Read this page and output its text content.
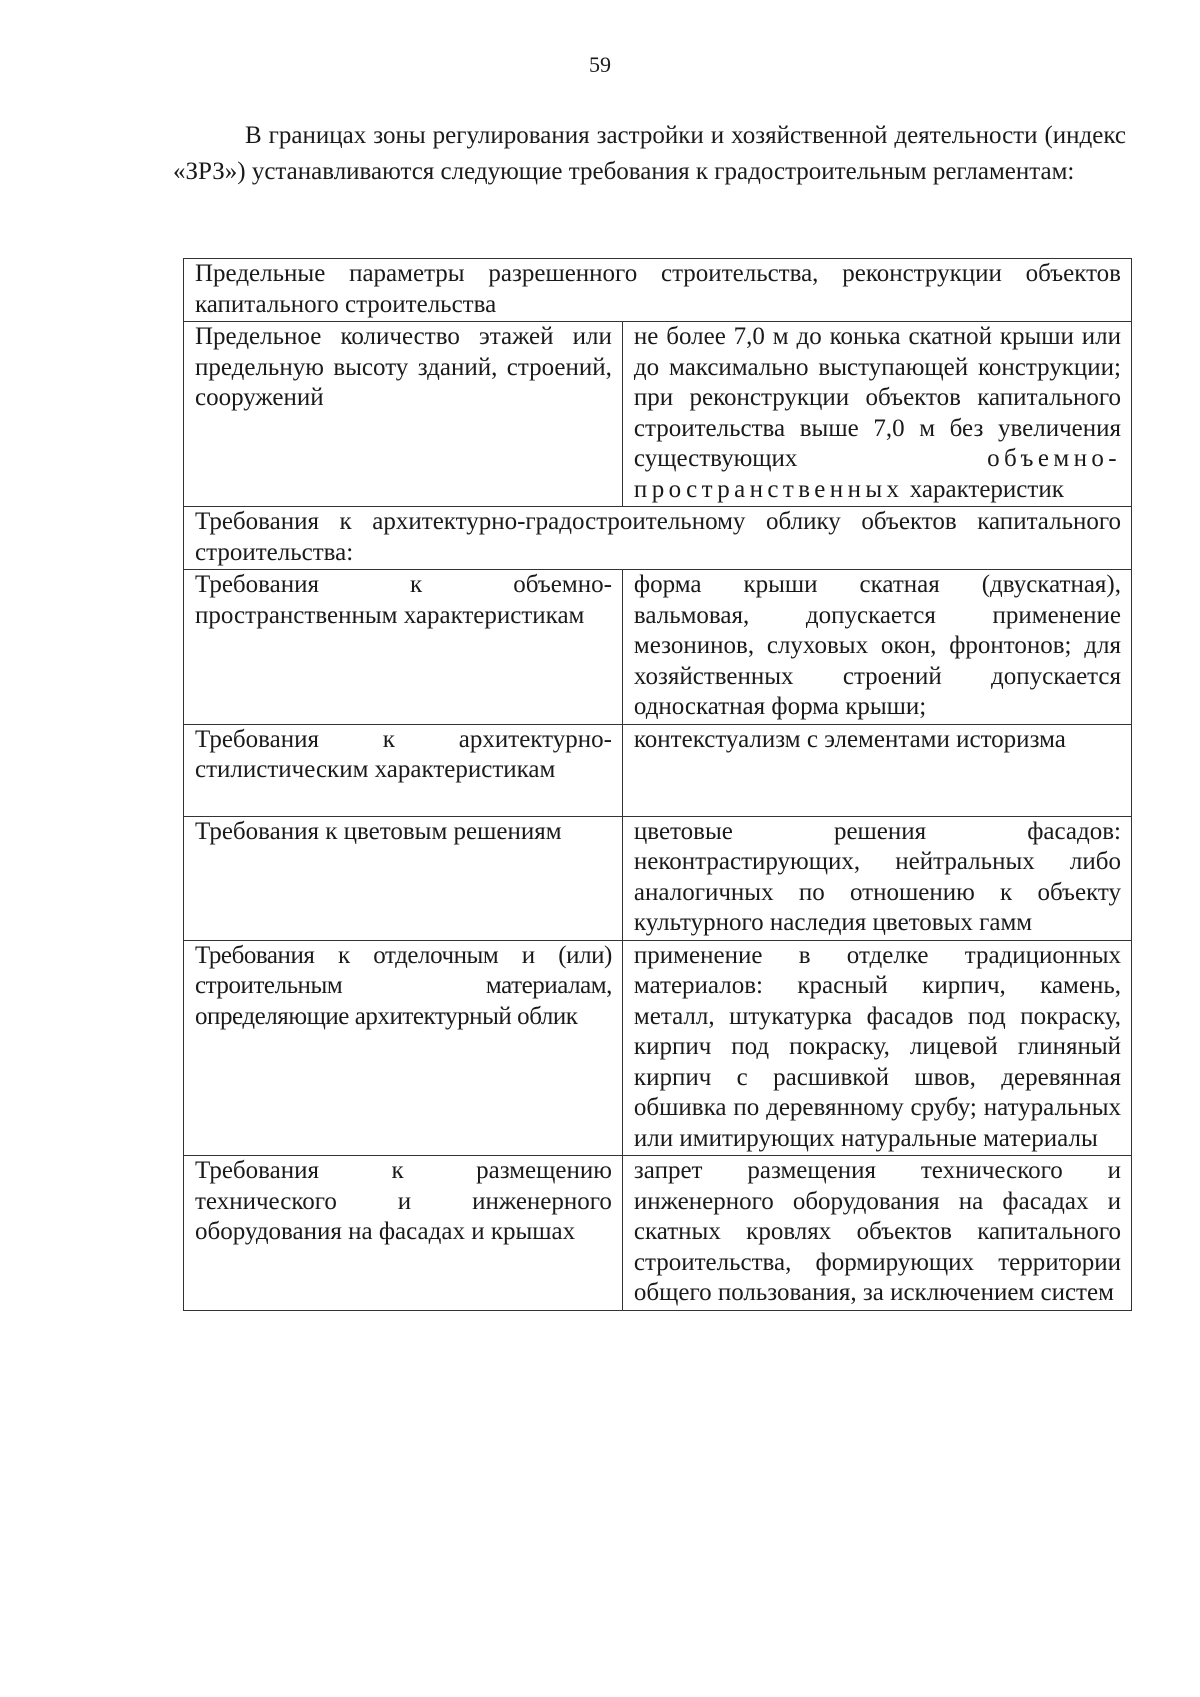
59

В границах зоны регулирования застройки и хозяйственной деятельности (индекс «ЗРЗ») устанавливаются следующие требования к градостроительным регламентам:

Предельные параметры разрешенного строительства, реконструкции объектов капитального строительства	
Предельное количество этажей или предельную высоту зданий, строений, сооружений	не более 7,0 м до конька скатной крыши или до максимально выступающей конструкции; при реконструкции объектов капитального строительства выше 7,0 м без увеличения существующих объемно-пространственных характеристик
Требования к архитектурно-градостроительному облику объектов капитального строительства:	
Требования к объемно-пространственным характеристикам	форма крыши скатная (двускатная), вальмовая, допускается применение мезонинов, слуховых окон, фронтонов; для хозяйственных строений допускается односкатная форма крыши;
Требования к архитектурно-стилистическим характеристикам	контекстуализм с элементами историзма
Требования к цветовым решениям	цветовые решения фасадов: неконтрастирующих, нейтральных либо аналогичных по отношению к объекту культурного наследия цветовых гамм
Требования к отделочным и (или) строительным материалам, определяющие архитектурный облик	применение в отделке традиционных материалов: красный кирпич, камень, металл, штукатурка фасадов под покраску, кирпич под покраску, лицевой глиняный кирпич с расшивкой швов, деревянная обшивка по деревянному срубу; натуральных или имитирующих натуральные материалы
Требования к размещению технического и инженерного оборудования на фасадах и крышах	запрет размещения технического и инженерного оборудования на фасадах и скатных кровлях объектов капитального строительства, формирующих территории общего пользования, за исключением систем
